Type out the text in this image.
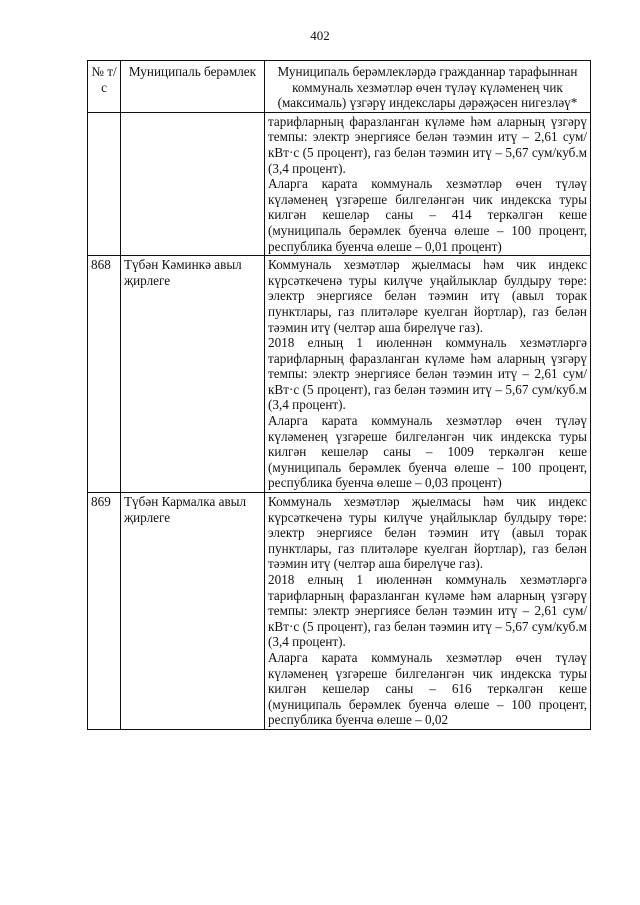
402
№ т/с	Муниципаль берәмлек	Муниципаль берәмлекләрдә гражданнар тарафыннан коммуналь хезмәтләр өчен түләү күләменең чик (максималь) үзгәрү индекслары дәрәҗәсен нигезләү*

		тарифларның фаразланган күләме һәм аларның үзгәрү темпы: электр энергиясе белән тәэмин итү – 2,61 сум/кВт·с (5 процент), газ белән тәэмин итү – 5,67 сум/куб.м (3,4 процент).

Аларга карата коммуналь хезмәтләр өчен түләү күләменең үзгәреше билгеләнгән чик индекска туры килгән кешеләр саны – 414 теркәлгән кеше (муниципаль берәмлек буенча өлеше – 100 процент, республика буенча өлеше – 0,01 процент)

868	Түбән Кәминкә авыл җирлеге	Коммуналь хезмәтләр җыелмасы һәм чик индекс күрсәткеченә туры килүче уңайлыклар булдыру төре: электр энергиясе белән тәэмин итү (авыл торак пунктлары, газ плитәләре куелган йортлар), газ белән тәэмин итү (челтәр аша бирелүче газ).

2018 елның 1 июленнән коммуналь хезмәтләргә тарифларның фаразланган күләме һәм аларның үзгәрү темпы: электр энергиясе белән тәэмин итү – 2,61 сум/кВт·с (5 процент), газ белән тәэмин итү – 5,67 сум/куб.м (3,4 процент).

Аларга карата коммуналь хезмәтләр өчен түләү күләменең үзгәреше билгеләнгән чик индекска туры килгән кешеләр саны – 1009 теркәлгән кеше (муниципаль берәмлек буенча өлеше – 100 процент, республика буенча өлеше – 0,03 процент)

869	Түбән Кармалка авыл җирлеге	Коммуналь хезмәтләр җыелмасы һәм чик индекс күрсәткеченә туры килүче уңайлыклар булдыру төре: электр энергиясе белән тәэмин итү (авыл торак пунктлары, газ плитәләре куелган йортлар), газ белән тәэмин итү (челтәр аша бирелүче газ).

2018 елның 1 июленнән коммуналь хезмәтләргә тарифларның фаразланган күләме һәм аларның үзгәрү темпы: электр энергиясе белән тәэмин итү – 2,61 сум/кВт·с (5 процент), газ белән тәэмин итү – 5,67 сум/куб.м (3,4 процент).

Аларга карата коммуналь хезмәтләр өчен түләү күләменең үзгәреше билгеләнгән чик индекска туры килгән кешеләр саны – 616 теркәлгән кеше (муниципаль берәмлек буенча өлеше – 100 процент, республика буенча өлеше – 0,02
